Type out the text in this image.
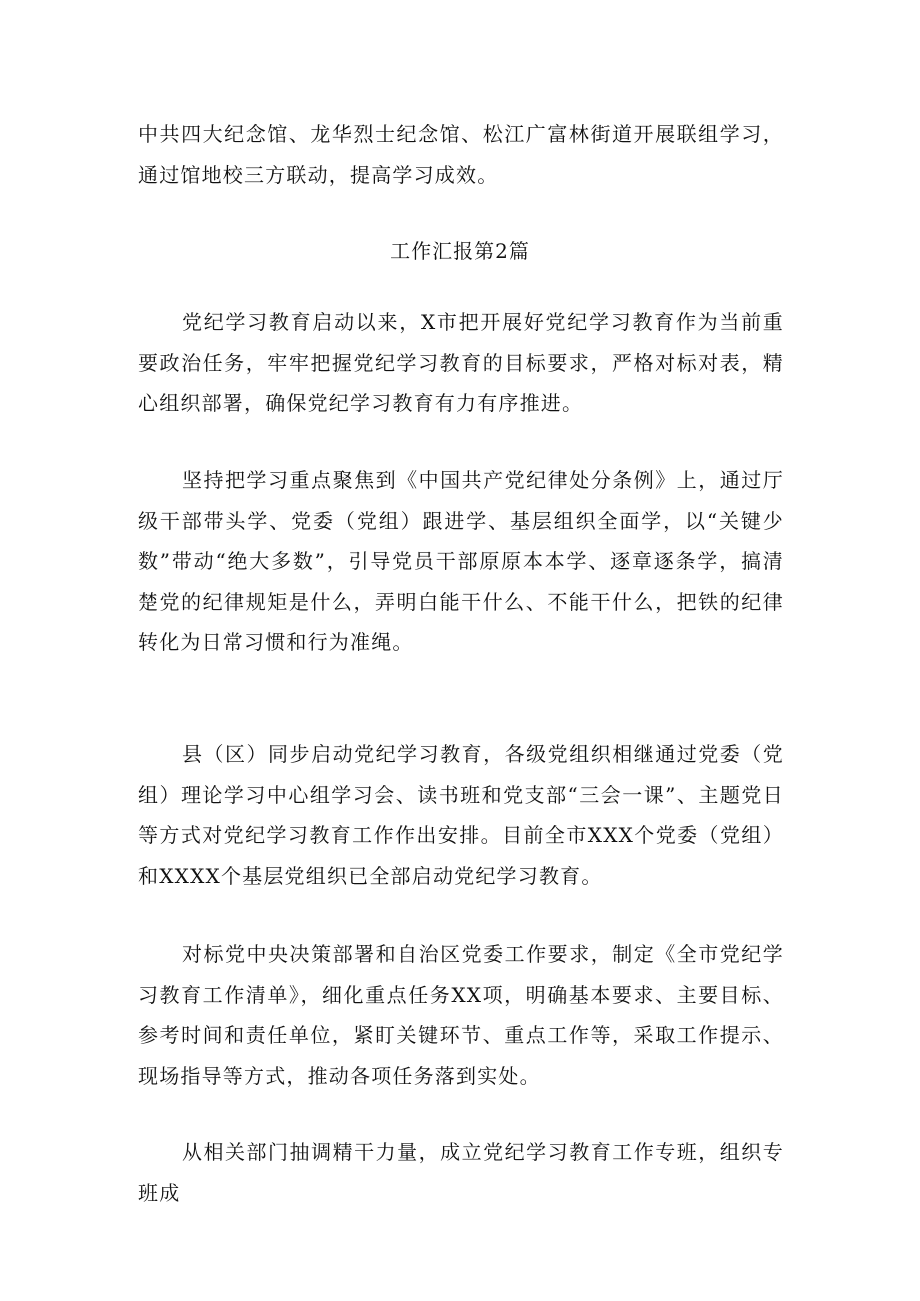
中共四大纪念馆、龙华烈士纪念馆、松江广富林街道开展联组学习，通过馆地校三方联动，提高学习成效。

工作汇报第2篇

党纪学习教育启动以来，X市把开展好党纪学习教育作为当前重要政治任务，牢牢把握党纪学习教育的目标要求，严格对标对表，精心组织部署，确保党纪学习教育有力有序推进。

坚持把学习重点聚焦到《中国共产党纪律处分条例》上，通过厅级干部带头学、党委（党组）跟进学、基层组织全面学，以“关键少数”带动“绝大多数”，引导党员干部原原本本学、逐章逐条学，搞清楚党的纪律规矩是什么，弄明白能干什么、不能干什么，把铁的纪律转化为日常习惯和行为准绳。

县（区）同步启动党纪学习教育，各级党组织相继通过党委（党组）理论学习中心组学习会、读书班和党支部“三会一课”、主题党日等方式对党纪学习教育工作作出安排。目前全市XXX个党委（党组）和XXXX个基层党组织已全部启动党纪学习教育。

对标党中央决策部署和自治区党委工作要求，制定《全市党纪学习教育工作清单》，细化重点任务XX项，明确基本要求、主要目标、参考时间和责任单位，紧盯关键环节、重点工作等，采取工作提示、现场指导等方式，推动各项任务落到实处。

从相关部门抽调精干力量，成立党纪学习教育工作专班，组织专班成
